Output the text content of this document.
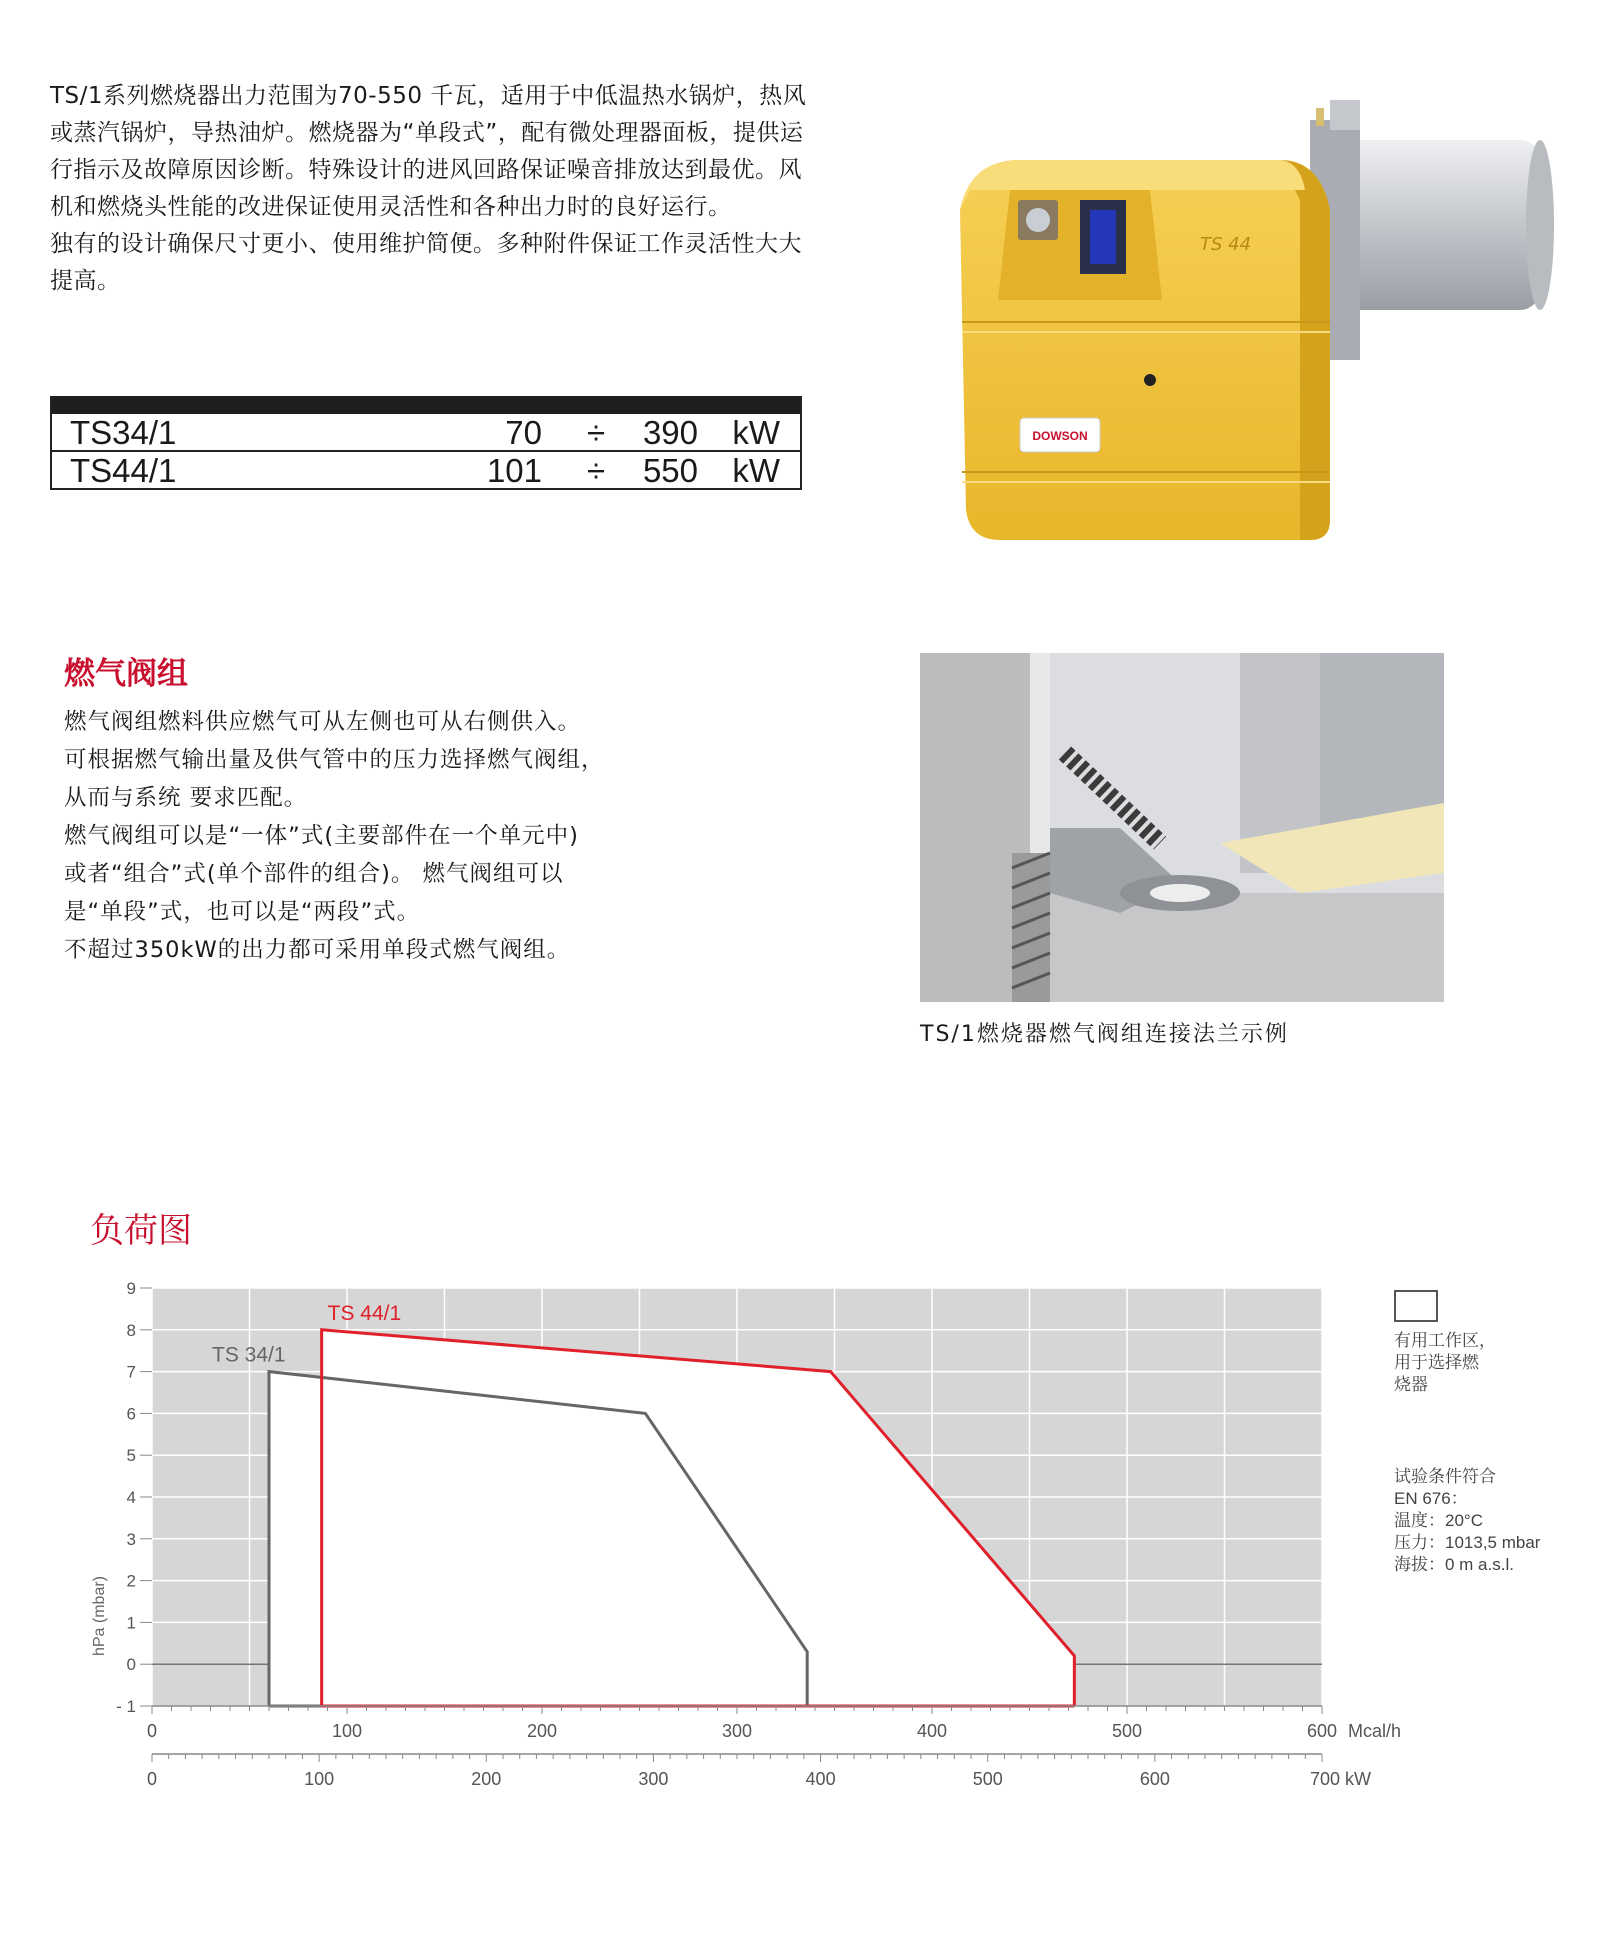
TS/1系列燃烧器出力范围为70-550 千瓦，适用于中低温热水锅炉，热风或蒸汽锅炉，导热油炉。燃烧器为“单段式”，配有微处理器面板，提供运行指示及故障原因诊断。特殊设计的进风回路保证噪音排放达到最优。风机和燃烧头性能的改进保证使用灵活性和各种出力时的良好运行。

独有的设计确保尺寸更小、使用维护简便。多种附件保证工作灵活性大大提高。

TS34/1	70 ÷ 390 kW
TS44/1	101 ÷ 550 kW
TS 44
DOWSON
燃气阀组

燃气阀组燃料供应燃气可从左侧也可从右侧供入。

可根据燃气输出量及供气管中的压力选择燃气阀组，

从而与系统 要求匹配。

燃气阀组可以是“一体”式(主要部件在一个单元中)

或者“组合”式(单个部件的组合)。 燃气阀组可以

是“单段”式，也可以是“两段”式。

不超过350kW的出力都可采用单段式燃气阀组。

TS/1燃烧器燃气阀组连接法兰示例
负荷图
TS 34/1
TS 44/1
- 1
0
1
2
3
4
5
6
7
8
9
hPa (mbar)
0	100	200	300	400	500	600 Mcal/h
0	100	200	300	400	500	600	700 kW
有用工作区，
用于选择燃
烧器
试验条件符合
EN 676：
温度：20°C
压力：1013,5 mbar
海拔：0 m a.s.l.
